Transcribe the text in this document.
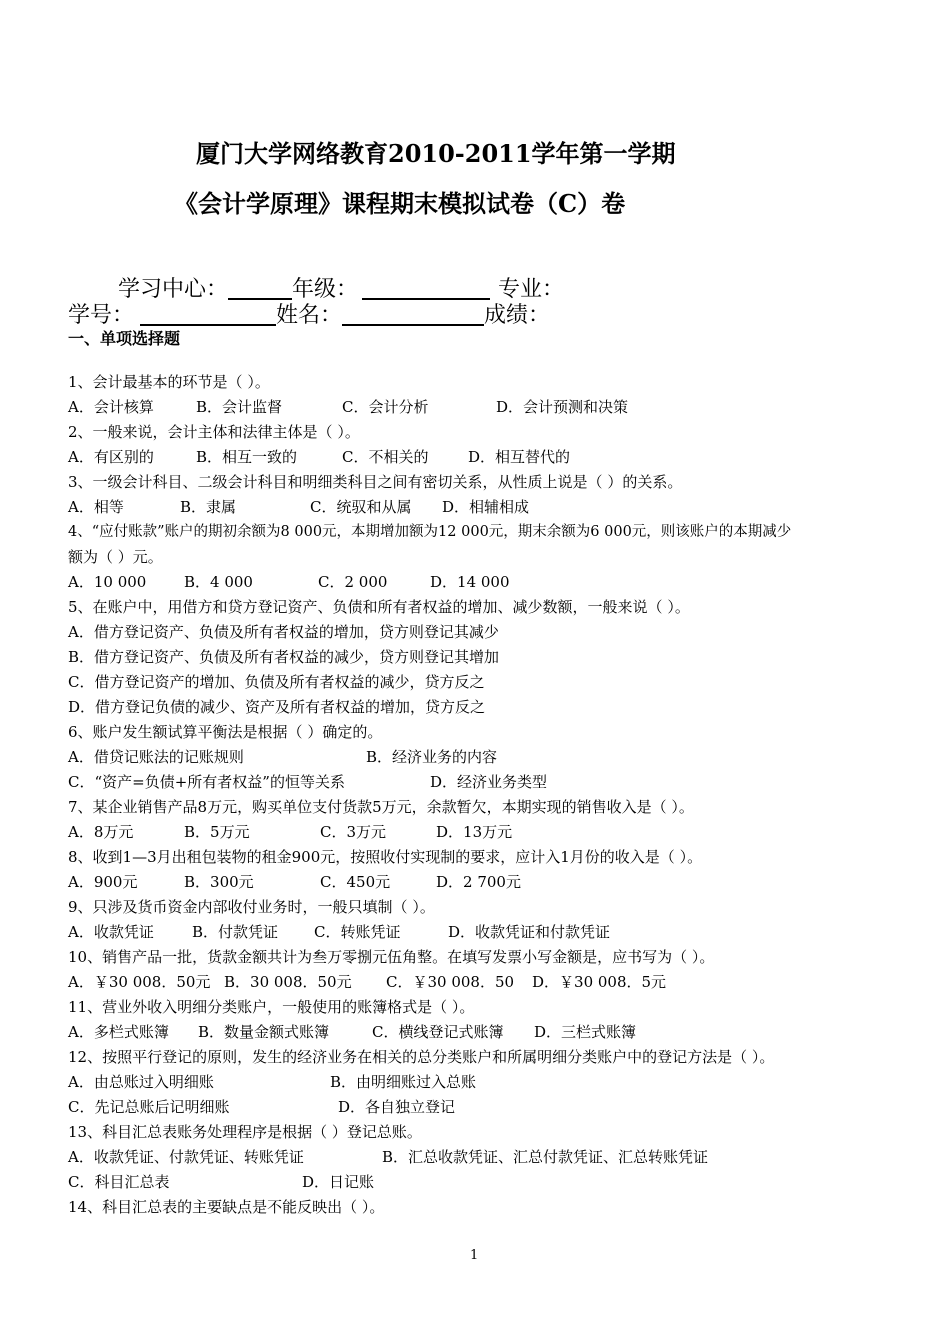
厦门大学网络教育2010-2011学年第一学期
《会计学原理》课程期末模拟试卷（C）卷
学习中心：	年级：	专业：
学号：	姓名：	成绩：
一、单项选择题
1、会计最基本的环节是（ ）。
A．会计核算	B．会计监督	C．会计分析	D．会计预测和决策
2、一般来说，会计主体和法律主体是（ ）。
A．有区别的	B．相互一致的	C．不相关的	D．相互替代的
3、一级会计科目、二级会计科目和明细类科目之间有密切关系，从性质上说是（ ）的关系。
A．相等	B．隶属	C．统驭和从属 D．相辅相成
4、“应付账款”账户的期初余额为8 000元，本期增加额为12 000元，期末余额为6 000元，则该账户的本期减少
额为（ ）元。
A．10 000	B．4 000	C．2 000	D．14 000
5、在账户中，用借方和贷方登记资产、负债和所有者权益的增加、减少数额，一般来说（ ）。
A．借方登记资产、负债及所有者权益的增加，贷方则登记其减少
B．借方登记资产、负债及所有者权益的减少，贷方则登记其增加
C．借方登记资产的增加、负债及所有者权益的减少，贷方反之
D．借方登记负债的减少、资产及所有者权益的增加，贷方反之
6、账户发生额试算平衡法是根据（ ）确定的。
A．借贷记账法的记账规则	B．经济业务的内容
C．“资产=负债+所有者权益”的恒等关系	D．经济业务类型
7、某企业销售产品8万元，购买单位支付货款5万元，余款暂欠，本期实现的销售收入是（ ）。
A．8万元	B．5万元	C．3万元	D．13万元
8、收到1—3月出租包装物的租金900元，按照收付实现制的要求，应计入1月份的收入是（ ）。
A．900元	B．300元	C．450元	D．2 700元
9、只涉及货币资金内部收付业务时，一般只填制（ ）。
A．收款凭证	B．付款凭证 C．转账凭证	D．收款凭证和付款凭证
10、销售产品一批，货款金额共计为叁万零捌元伍角整。在填写发票小写金额是，应书写为（ ）。
A．￥30 008．50元 B．30 008．50元 C．￥30 008．50 D．￥30 008．5元
11、营业外收入明细分类账户，一般使用的账簿格式是（ ）。
A．多栏式账簿 B．数量金额式账簿	C．横线登记式账簿 D．三栏式账簿
12、按照平行登记的原则，发生的经济业务在相关的总分类账户和所属明细分类账户中的登记方法是（ ）。
A．由总账过入明细账	B．由明细账过入总账
C．先记总账后记明细账	D．各自独立登记
13、科目汇总表账务处理程序是根据（ ）登记总账。
A．收款凭证、付款凭证、转账凭证	B．汇总收款凭证、汇总付款凭证、汇总转账凭证
C．科目汇总表	D．日记账
14、科目汇总表的主要缺点是不能反映出（ ）。
1
